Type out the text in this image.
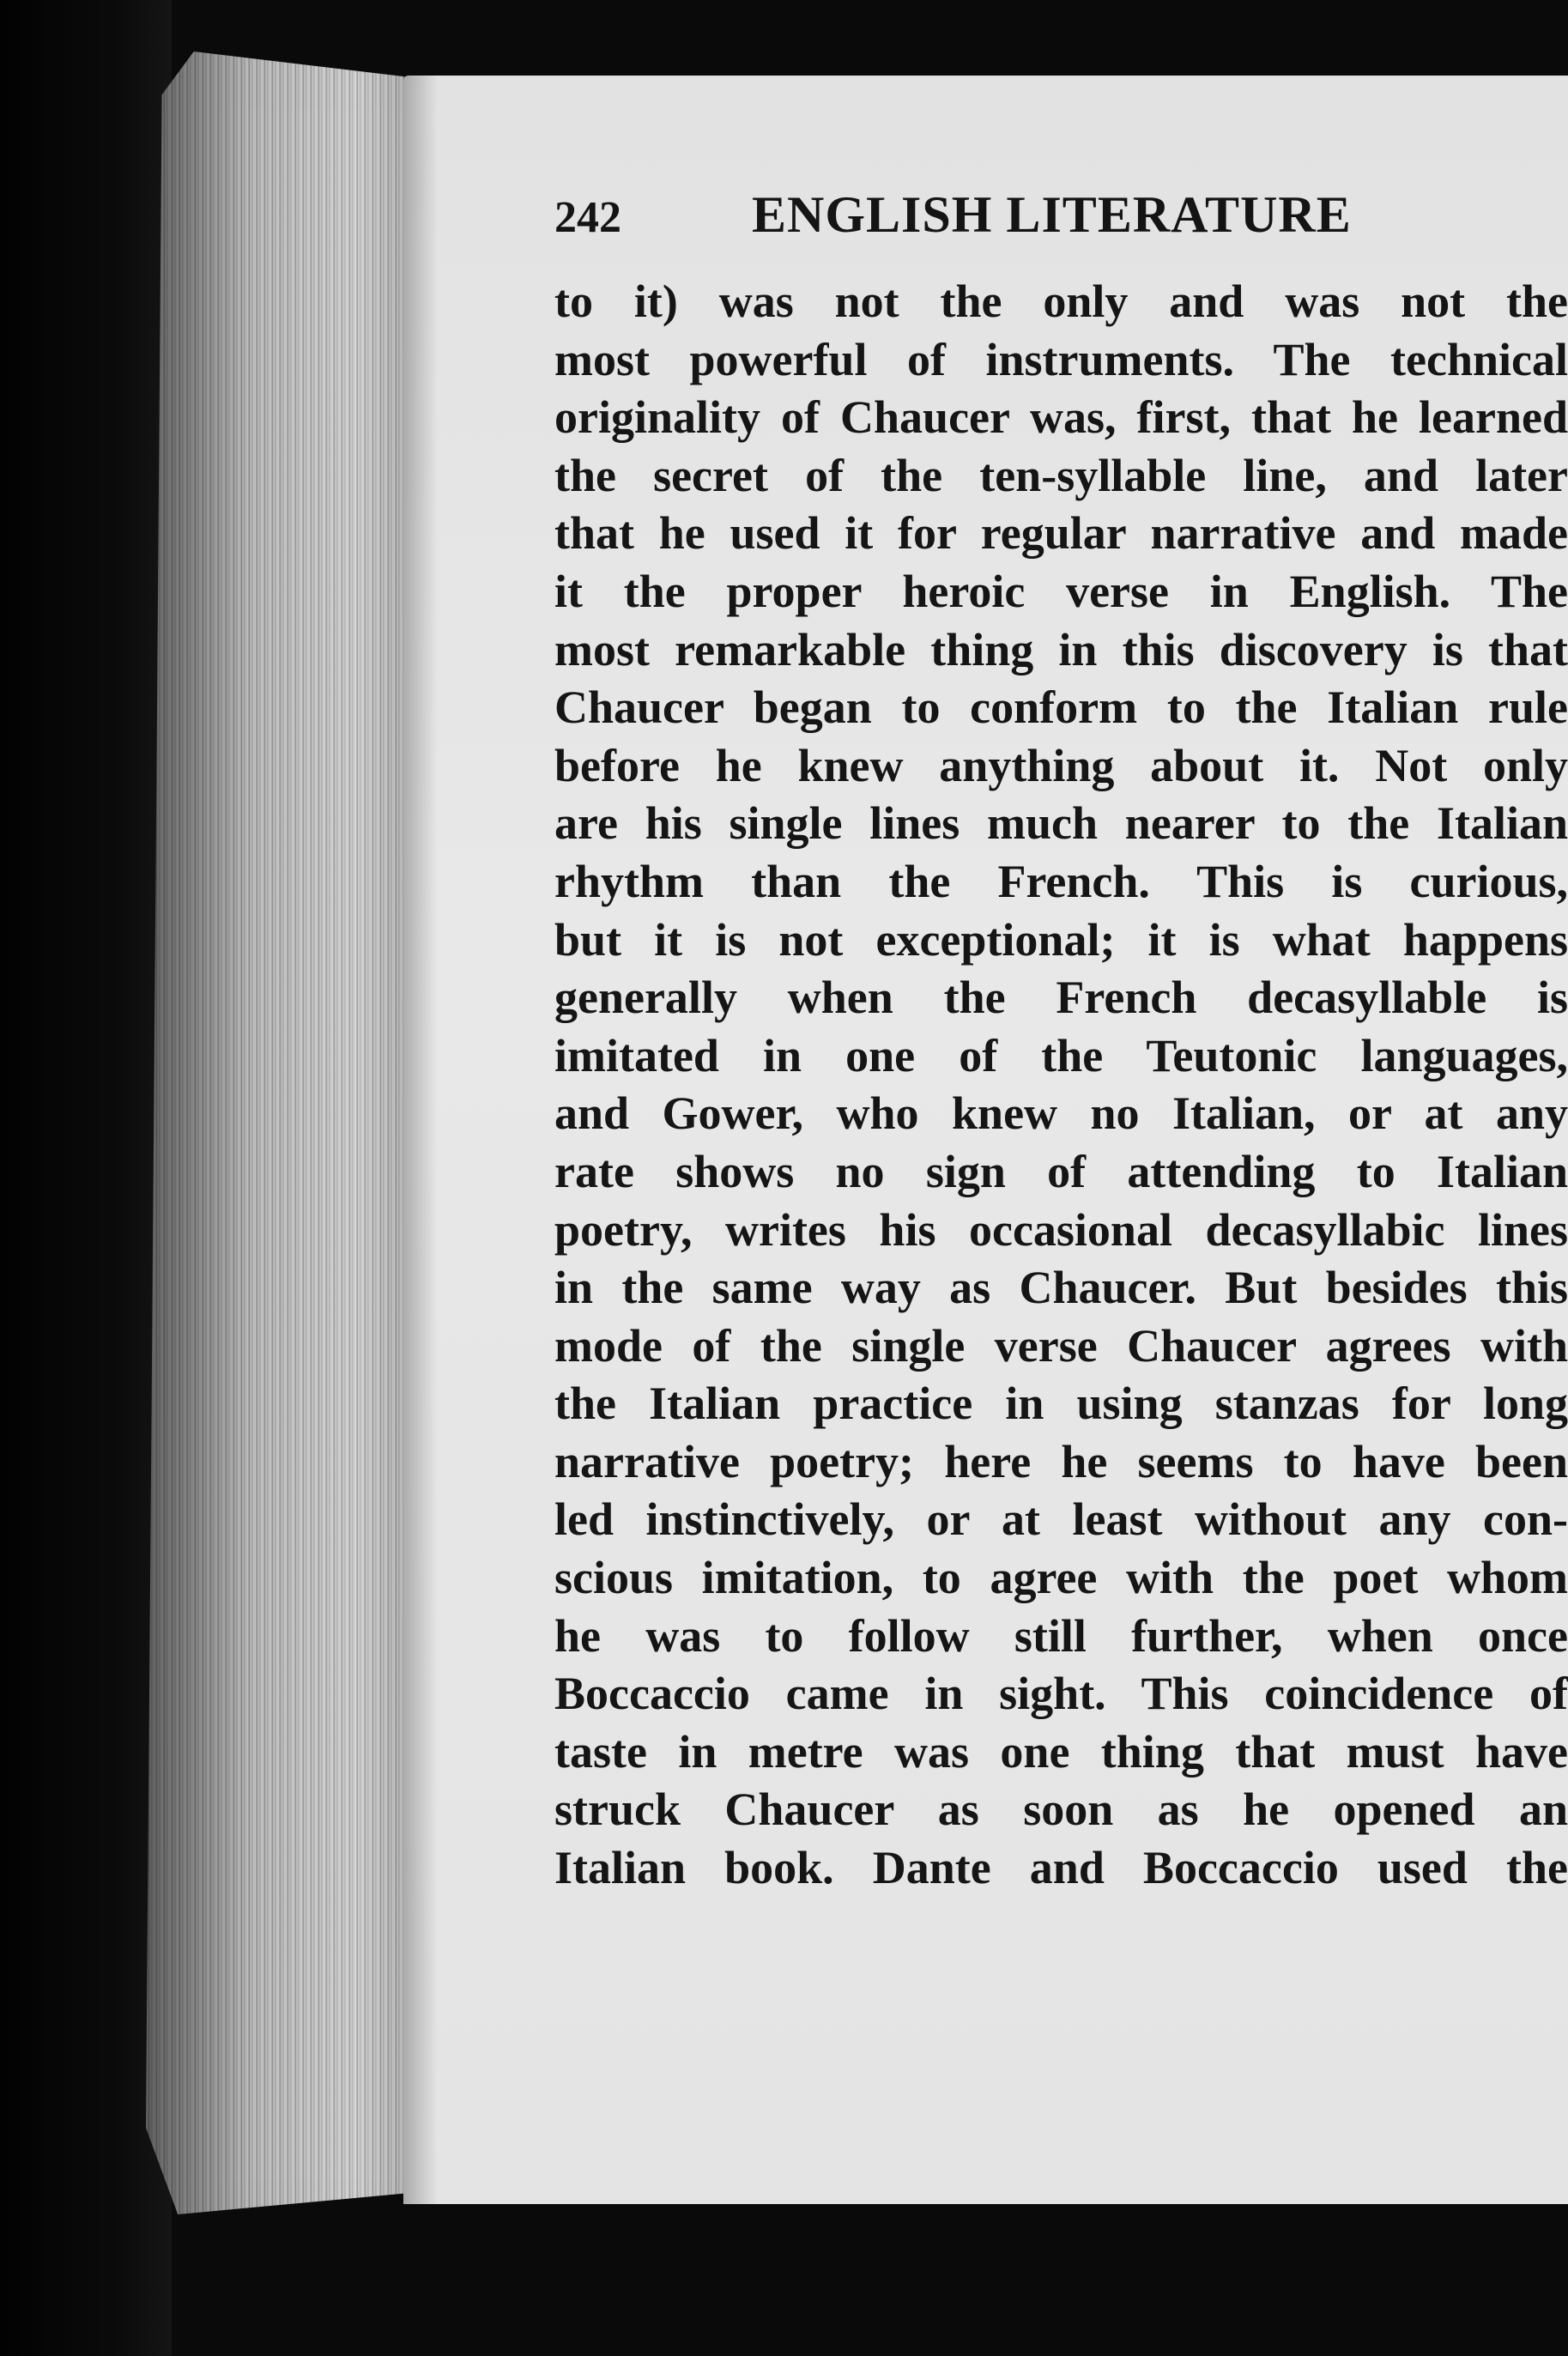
242	ENGLISH LITERATURE
to it) was not the only and was not the
most powerful of instruments. The technical
originality of Chaucer was, first, that he learned
the secret of the ten-syllable line, and later
that he used it for regular narrative and made
it the proper heroic verse in English. The
most remarkable thing in this discovery is that
Chaucer began to conform to the Italian rule
before he knew anything about it. Not only
are his single lines much nearer to the Italian
rhythm than the French. This is curious,
but it is not exceptional; it is what happens
generally when the French decasyllable is
imitated in one of the Teutonic languages,
and Gower, who knew no Italian, or at any
rate shows no sign of attending to Italian
poetry, writes his occasional decasyllabic lines
in the same way as Chaucer. But besides this
mode of the single verse Chaucer agrees with
the Italian practice in using stanzas for long
narrative poetry; here he seems to have been
led instinctively, or at least without any con-
scious imitation, to agree with the poet whom
he was to follow still further, when once
Boccaccio came in sight. This coincidence of
taste in metre was one thing that must have
struck Chaucer as soon as he opened an
Italian book. Dante and Boccaccio used the
